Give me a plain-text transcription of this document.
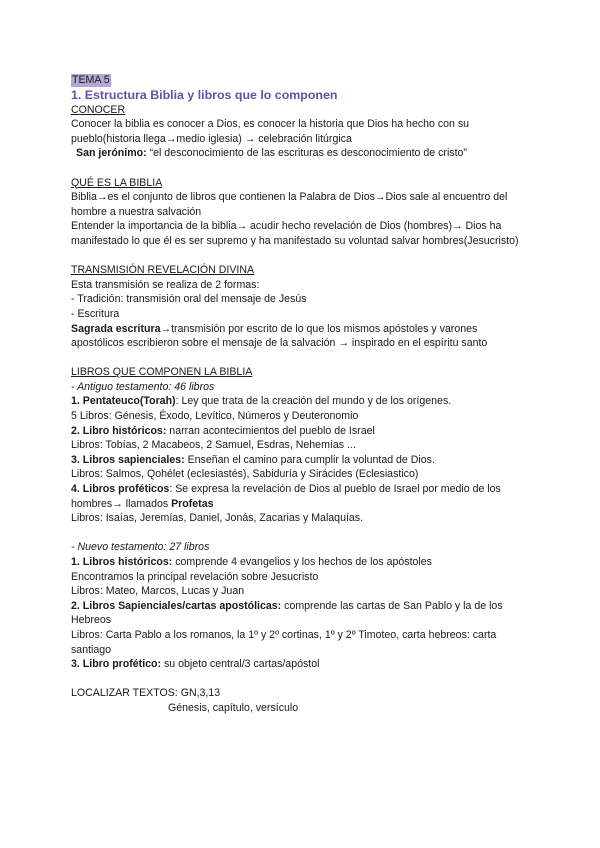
TEMA 5

1. Estructura Biblia y libros que lo componen

CONOCER

Conocer la biblia es conocer a Dios, es conocer la historia que Dios ha hecho con su pueblo(historia llega→medio iglesia) → celebración litúrgica

San jerónimo: “el desconocimiento de las escrituras es desconocimiento de cristo”

QUÉ ES LA BIBLIA

Biblia→es el conjunto de libros que contienen la Palabra de Dios→Dios sale al encuentro del hombre a nuestra salvación

Entender la importancia de la biblia→ acudir hecho revelación de Dios (hombres)→ Dios ha manifestado lo que él es ser supremo y ha manifestado su voluntad salvar hombres(Jesucristo)

TRANSMISIÓN REVELACIÓN DIVINA

Esta transmisión se realiza de 2 formas:

- Tradición: transmisión oral del mensaje de Jesús

- Escritura

Sagrada escritura→transmisión por escrito de lo que los mismos apóstoles y varones apostólicos escribieron sobre el mensaje de la salvación → inspirado en el espíritu santo

LIBROS QUE COMPONEN LA BIBLIA

- Antiguo testamento: 46 libros

1. Pentateuco(Torah): Ley que trata de la creación del mundo y de los orígenes.

5 Libros: Génesis, Éxodo, Levítico, Números y Deuteronomio

2. Libro históricos: narran acontecimientos del pueblo de Israel

Libros: Tobías, 2 Macabeos, 2 Samuel, Esdras, Nehemías ...

3. Libros sapienciales: Enseñan el camino para cumplir la voluntad de Dios.

Libros: Salmos, Qohélet (eclesiastés), Sabiduría y Sirácides (Eclesiastico)

4. Libros proféticos: Se expresa la revelación de Dios al pueblo de Israel por medio de los hombres→ llamados Profetas

Libros: Isaías, Jeremías, Daniel, Jonás, Zacarias y Malaquías.

- Nuevo testamento: 27 libros

1. Libros históricos: comprende 4 evangelios y los hechos de los apóstoles

Encontramos la principal revelación sobre Jesucristo

Libros: Mateo, Marcos, Lucas y Juan

2. Libros Sapienciales/cartas apostólicas: comprende las cartas de San Pablo y la de los Hebreos

Libros: Carta Pablo a los romanos, la 1º y 2º cortinas, 1º y 2º Timoteo, carta hebreos: carta santiago

3. Libro profético: su objeto central/3 cartas/apóstol

LOCALIZAR TEXTOS: GN,3,13

Génesis, capítulo, versículo
